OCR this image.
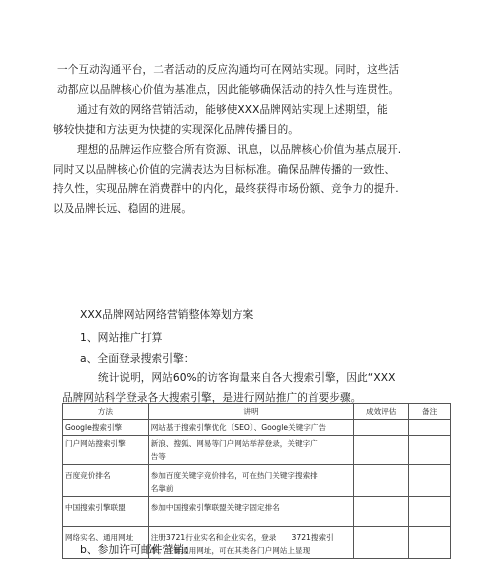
一个互动沟通平台，二者活动的反应沟通均可在网站实现。同时，这些活
动都应以品牌核心价值为基准点，因此能够确保活动的持久性与连贯性。
通过有效的网络营销活动，能够使XXX品牌网站实现上述期望，能
够较快捷和方法更为快捷的实现深化品牌传播目的。
理想的品牌运作应整合所有资源、讯息，以品牌核心价值为基点展开.
同时又以品牌核心价值的完满表达为目标标准。确保品牌传播的一致性、
持久性，实现品牌在消费群中的内化，最终获得市场份额、竞争力的提升.
以及品牌长远、稳固的进展。

XXX品牌网站网络营销整体筹划方案

1、网站推广打算

a、全面登录搜索引擎：

统计说明，网站60%的访客询量来自各大搜索引擎，因此“XXX
品牌网站科学登录各大搜索引擎，是进行网站推广的首要步骤。
方法	讲明	成效评估	备注
Google搜索引擎	网站基于搜索引擎优化〔SEO〕、Google关键字广告		

门户网站搜索引擎	新浪、搜狐、网易等门户网站举荐登录，关键字广
告等		

百度竞价排名	参加百度关键字竞价排名，可在热门关键字搜索排
名靠前		

中国搜索引擎联盟	参加中国搜索引擎联盟关键字固定排名		

网络实名、通用网址	注册3721行业实名和企业实名，登录　　3721搜索引
擎；注册通用网址，可在其类各门户网站上显现		

b、参加许可邮件营销：
